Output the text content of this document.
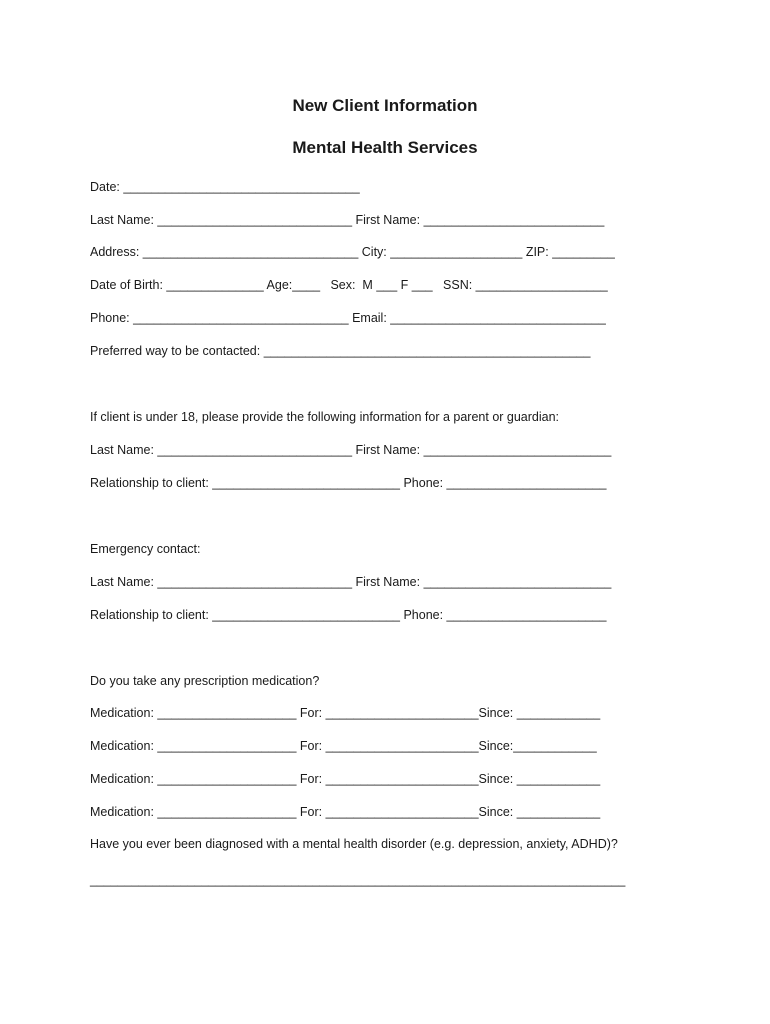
New Client Information
Mental Health Services
Date: __________________________________
Last Name: ____________________________ First Name: __________________________
Address: _______________________________ City: ___________________ ZIP: _________
Date of Birth: ______________ Age:____   Sex:  M ___ F ___   SSN: ___________________
Phone: _______________________________ Email: _______________________________
Preferred way to be contacted: _______________________________________________
If client is under 18, please provide the following information for a parent or guardian:
Last Name: ____________________________ First Name: ___________________________
Relationship to client: ___________________________ Phone: _______________________
Emergency contact:
Last Name: ____________________________ First Name: ___________________________
Relationship to client: ___________________________ Phone: _______________________
Do you take any prescription medication?
Medication: ____________________ For: ______________________Since: ____________
Medication: ____________________ For: ______________________Since:____________
Medication: ____________________ For: ______________________Since: ____________
Medication: ____________________ For: ______________________Since: ____________
Have you ever been diagnosed with a mental health disorder (e.g. depression, anxiety, ADHD)?
_____________________________________________________________________________
